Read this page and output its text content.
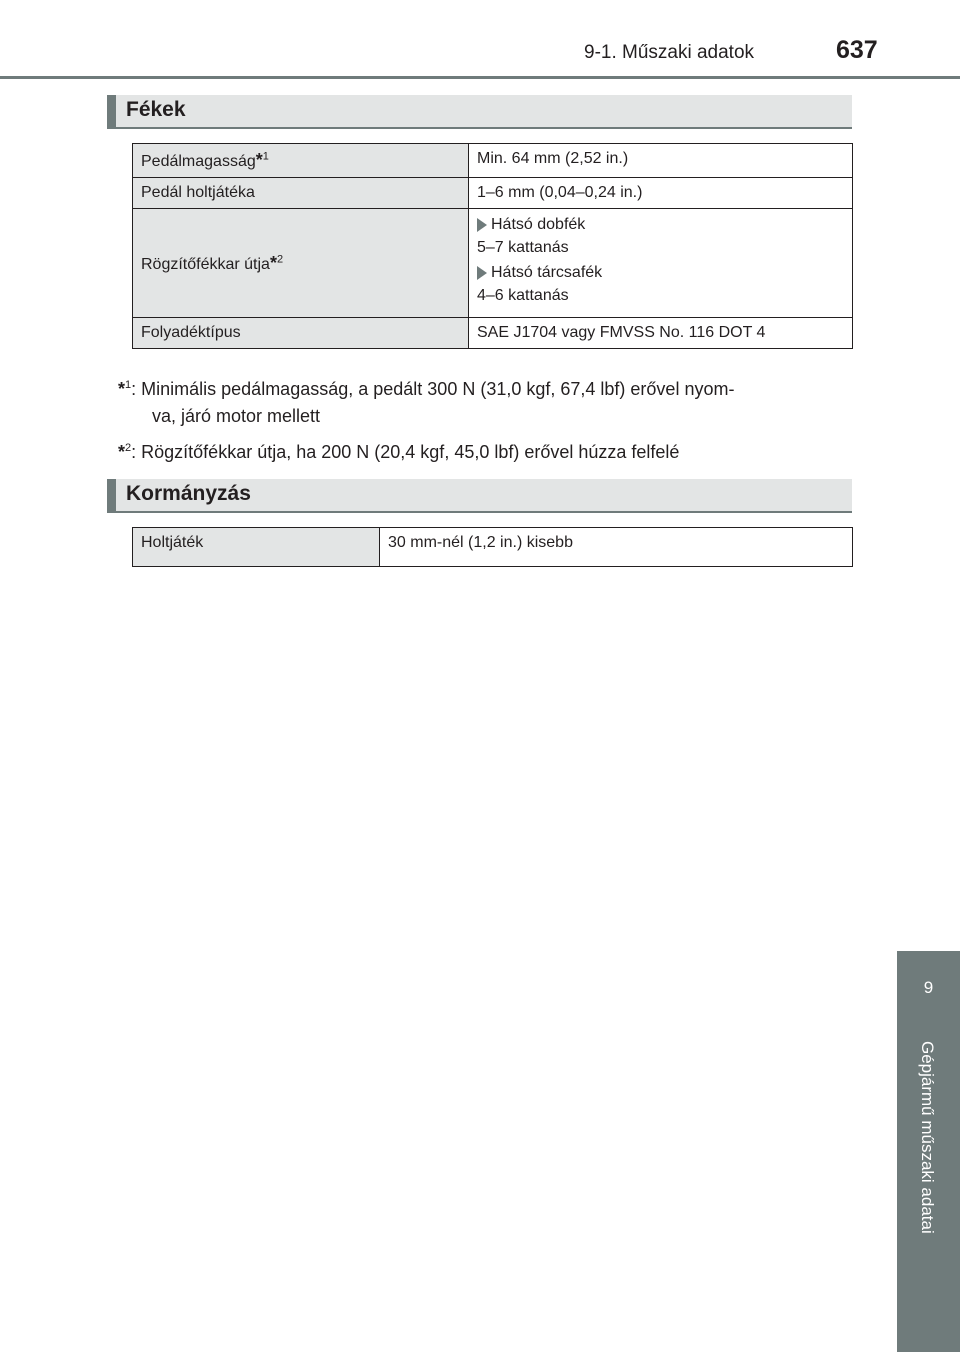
9-1. Műszaki adatok	637
Fékek
Pedálmagasság*$^1$	Min. 64 mm (2,52 in.)
Pedál holtjátéka	1–6 mm (0,04–0,24 in.)
Rögzítőfékkar útja*$^2$	Hátsó dobfék
5–7 kattanás
Hátsó tárcsafék
4–6 kattanás

Folyadéktípus	SAE J1704 vagy FMVSS No. 116 DOT 4
*$^1$: Minimális pedálmagasság, a pedált 300 N (31,0 kgf, 67,4 lbf) erővel nyom-
va, járó motor mellett
*$^2$: Rögzítőfékkar útja, ha 200 N (20,4 kgf, 45,0 lbf) erővel húzza felfelé
Kormányzás
Holtjáték	30 mm-nél (1,2 in.) kisebb
9
Gépjármű műszaki adatai
